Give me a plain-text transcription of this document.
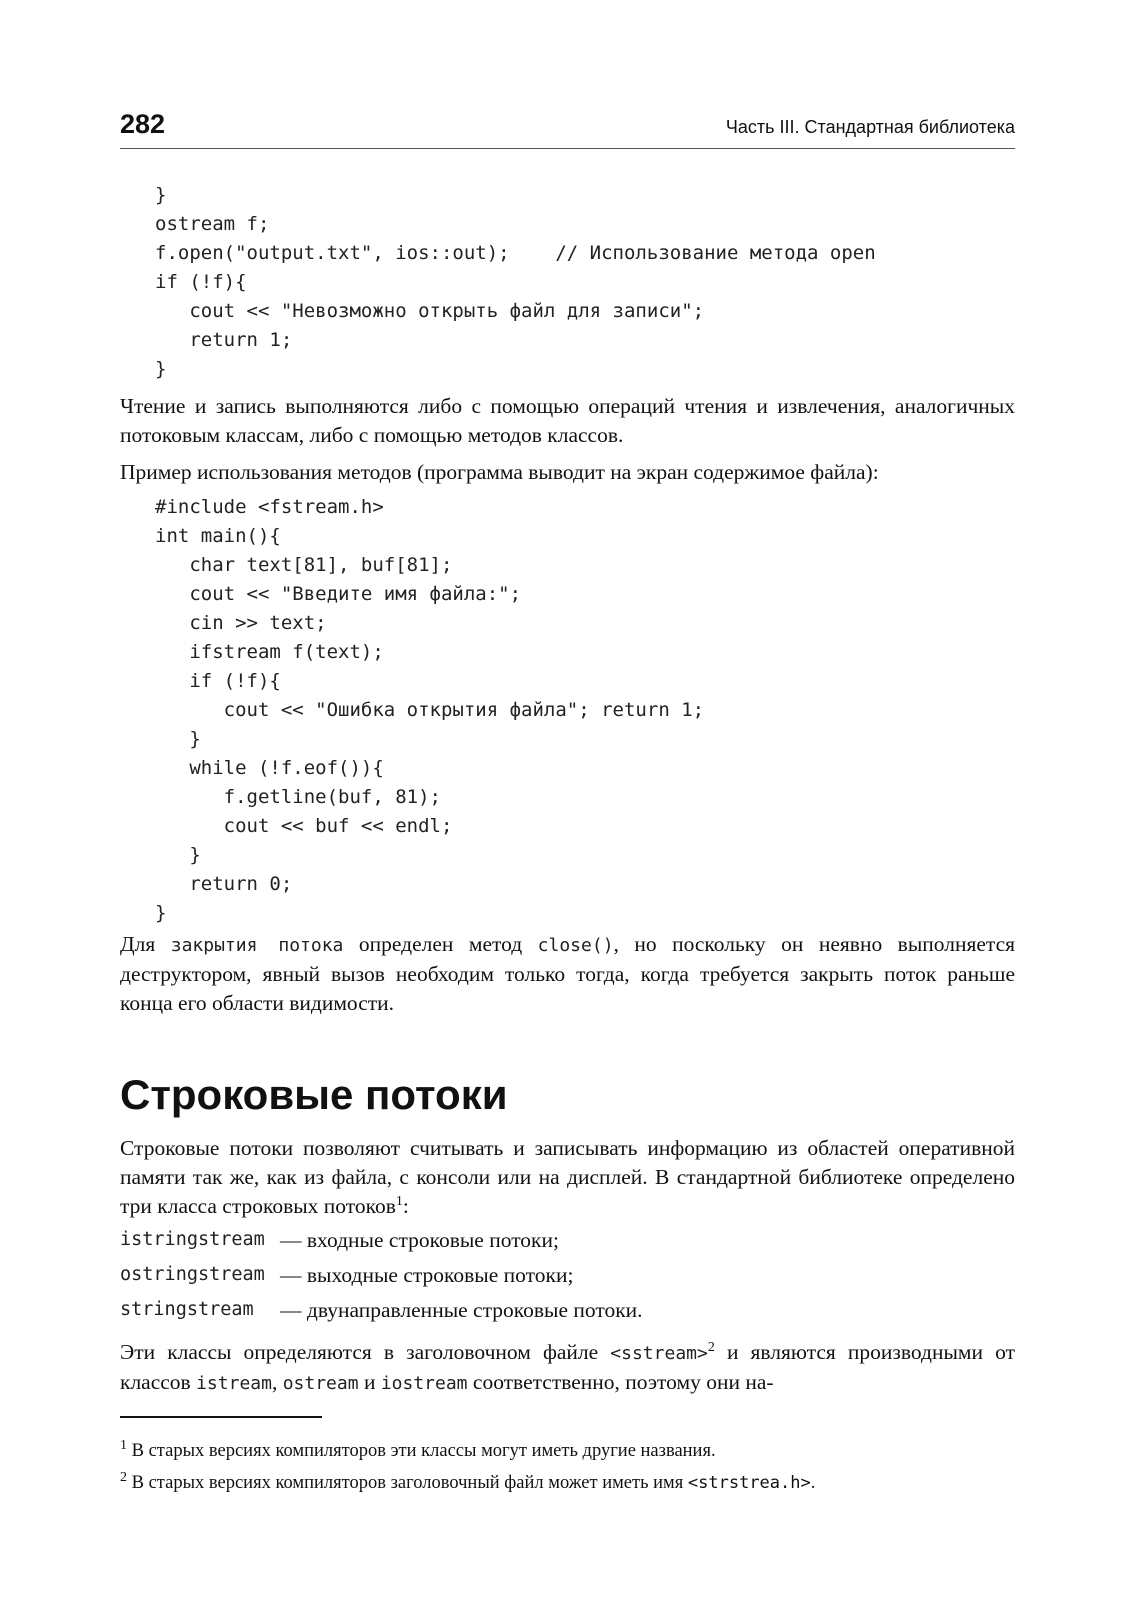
282	Часть III. Стандартная библиотека
}
ostream f;
f.open("output.txt", ios::out);    // Использование метода open
if (!f){
cout << "Невозможно открыть файл для записи";
return 1;
}

Чтение и запись выполняются либо с помощью операций чтения и извлечения, аналогичных потоковым классам, либо с помощью методов классов.

Пример использования методов (программа выводит на экран содержимое файла):

#include <fstream.h>
int main(){
char text[81], buf[81];
cout << "Введите имя файла:";
cin >> text;
ifstream f(text);
if (!f){
cout << "Ошибка открытия файла"; return 1;
}
while (!f.eof()){
f.getline(buf, 81);
cout << buf << endl;
}
return 0;
}

Для закрытия потока определен метод close(), но поскольку он неявно выполняется деструктором, явный вызов необходим только тогда, когда требуется закрыть поток раньше конца его области видимости.

Строковые потоки

Строковые потоки позволяют считывать и записывать информацию из областей оперативной памяти так же, как из файла, с консоли или на дисплей. В стандартной библиотеке определено три класса строковых потоков$^1$:

istringstream — входные строковые потоки;
ostringstream — выходные строковые потоки;
stringstream — двунаправленные строковые потоки.

Эти классы определяются в заголовочном файле <sstream>$^2$ и являются производными от классов istream, ostream и iostream соответственно, поэтому они на-

$^1$ В старых версиях компиляторов эти классы могут иметь другие названия.
$^2$ В старых версиях компиляторов заголовочный файл может иметь имя <strstrea.h>.
